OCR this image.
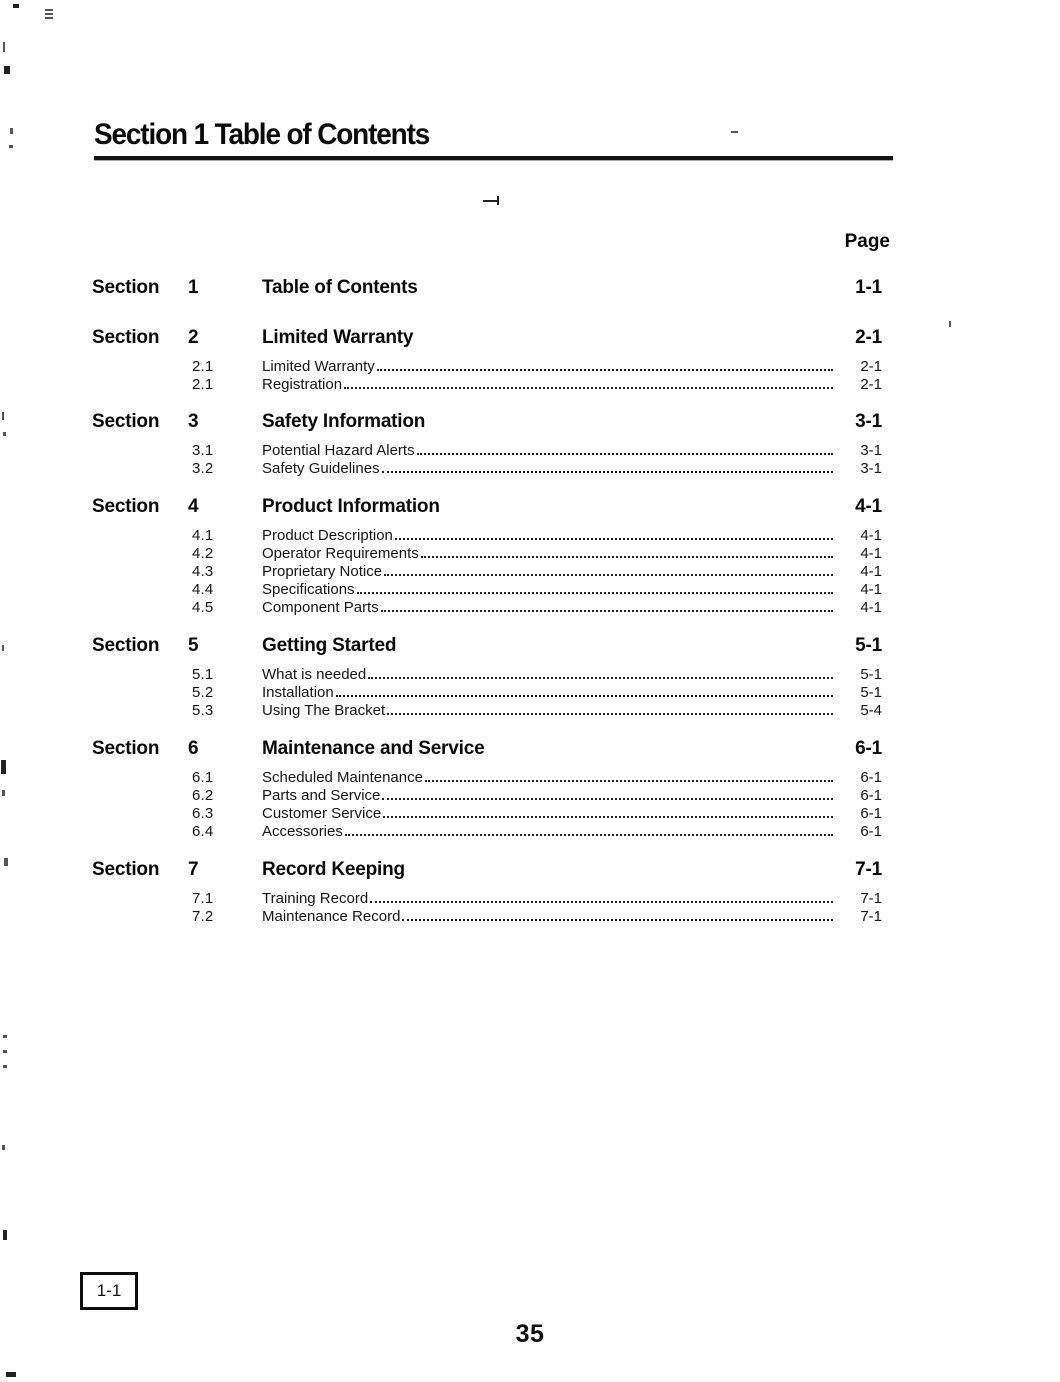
Section 1 Table of Contents
Page
Section	1	Table of Contents	1-1
Section	2	Limited Warranty	2-1
2.1	Limited Warranty	2-1
2.1	Registration	2-1
Section	3	Safety Information	3-1
3.1	Potential Hazard Alerts	3-1
3.2	Safety Guidelines	3-1
Section	4	Product Information	4-1
4.1	Product Description	4-1
4.2	Operator Requirements	4-1
4.3	Proprietary Notice	4-1
4.4	Specifications	4-1
4.5	Component Parts	4-1
Section	5	Getting Started	5-1
5.1	What is needed	5-1
5.2	Installation	5-1
5.3	Using The Bracket	5-4
Section	6	Maintenance and Service	6-1
6.1	Scheduled Maintenance	6-1
6.2	Parts and Service	6-1
6.3	Customer Service	6-1
6.4	Accessories	6-1
Section	7	Record Keeping	7-1
7.1	Training Record	7-1
7.2	Maintenance Record	7-1
1-1
35
